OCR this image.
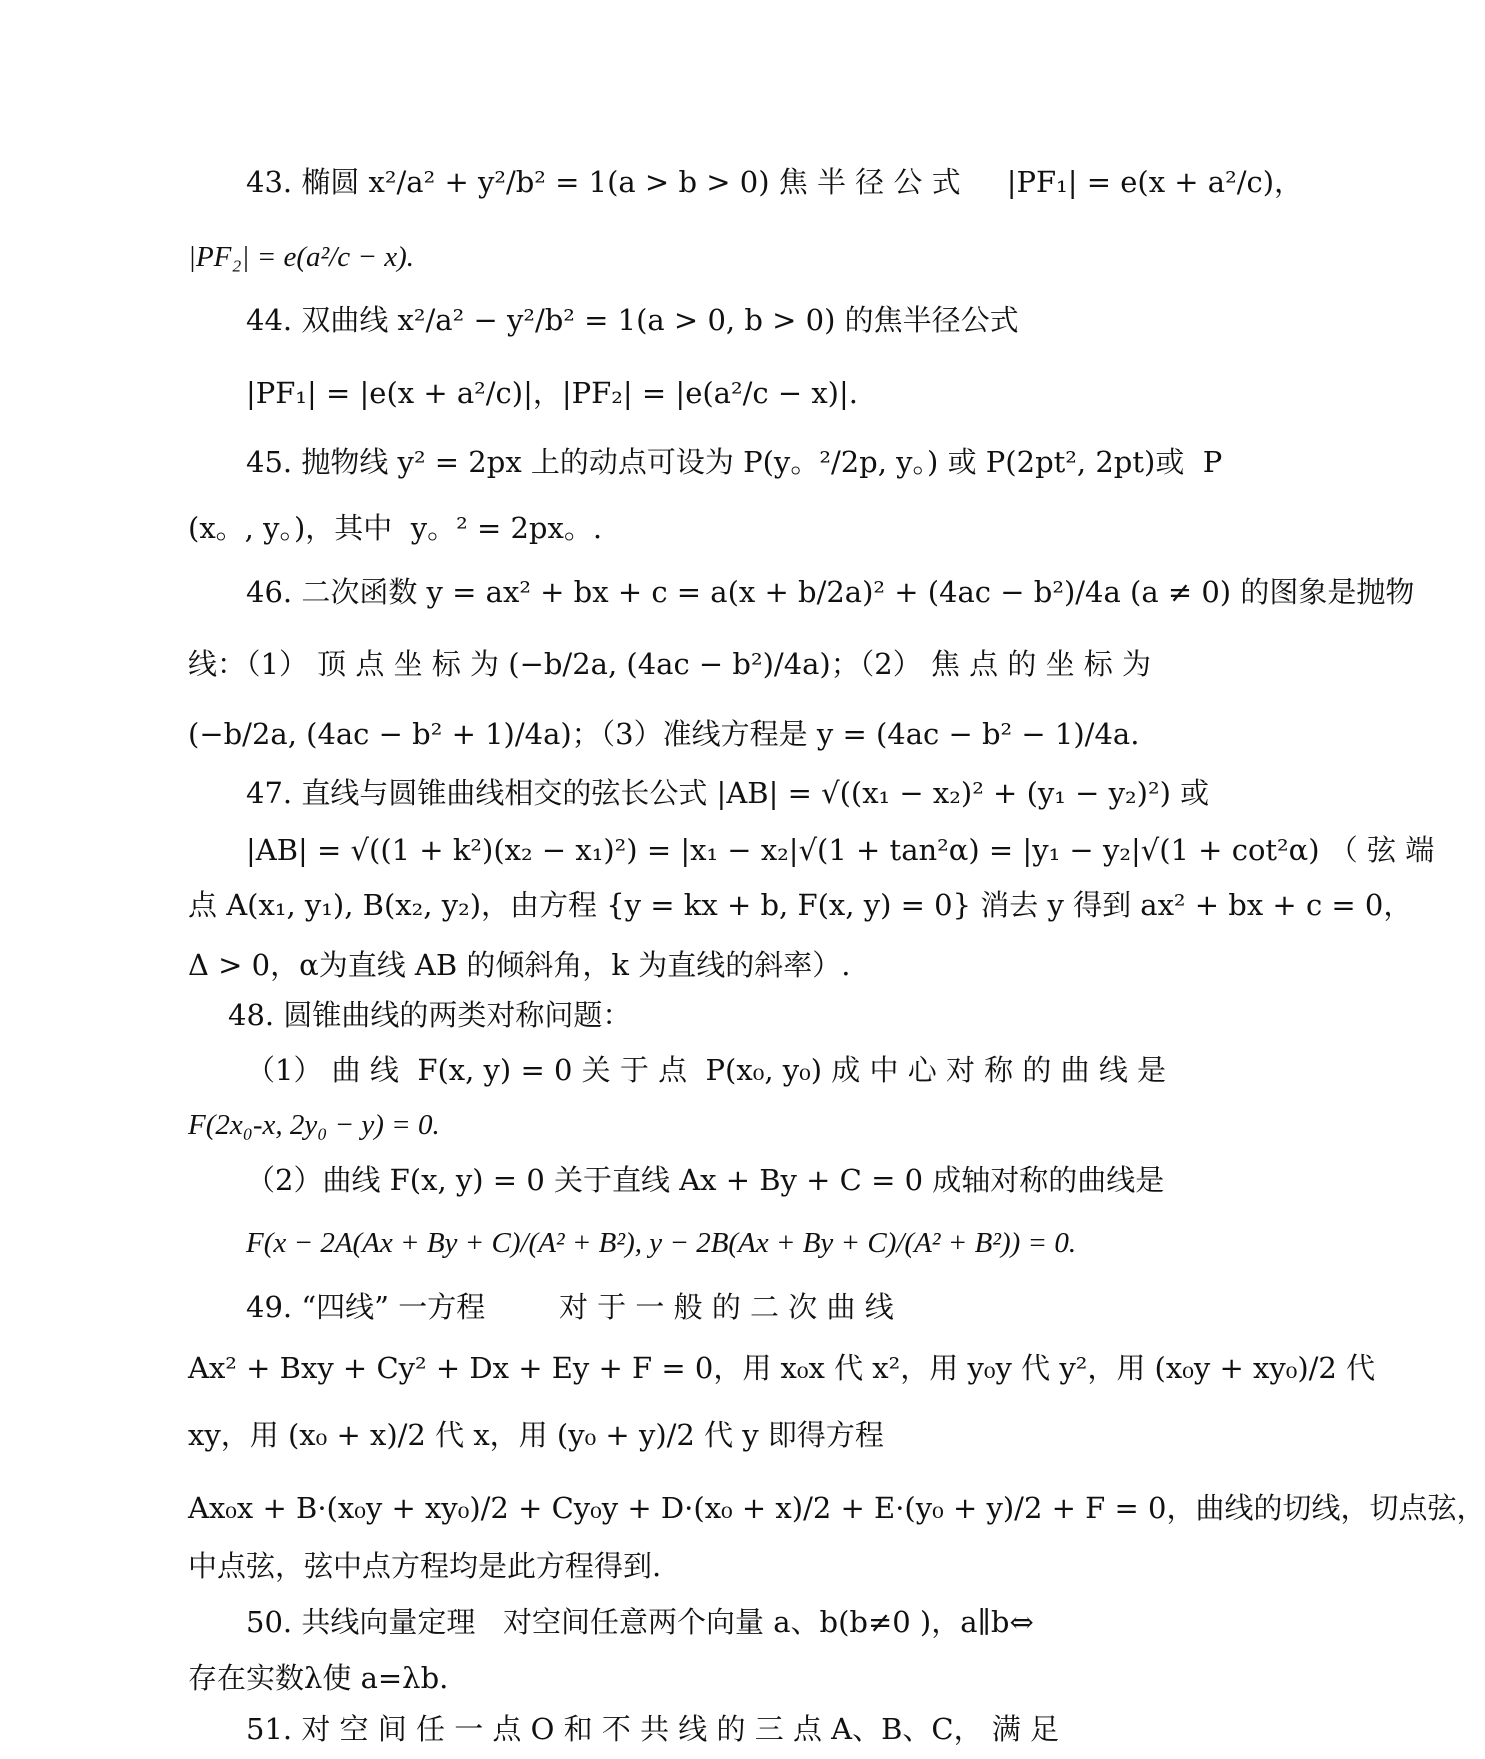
43. 椭圆 x²/a² + y²/b² = 1(a > b > 0) 焦 半 径 公 式     |PF₁| = e(x + a²/c)，
|PF₂| = e(a²/c − x).
44. 双曲线 x²/a² − y²/b² = 1(a > 0, b > 0) 的焦半径公式
|PF₁| = |e(x + a²/c)|，|PF₂| = |e(a²/c − x)|.
45. 抛物线 y² = 2px 上的动点可设为 P(y。²/2p, y。) 或 P(2pt², 2pt)或  P
(x。, y。)，其中  y。² = 2px。.
46. 二次函数 y = ax² + bx + c = a(x + b/2a)² + (4ac − b²)/4a (a ≠ 0) 的图象是抛物
线：（1） 顶 点 坐 标 为 (−b/2a, (4ac − b²)/4a)；（2） 焦 点 的 坐 标 为
(−b/2a, (4ac − b² + 1)/4a)；（3）准线方程是 y = (4ac − b² − 1)/4a.
47. 直线与圆锥曲线相交的弦长公式 |AB| = √((x₁ − x₂)² + (y₁ − y₂)²) 或
|AB| = √((1 + k²)(x₂ − x₁)²) = |x₁ − x₂|√(1 + tan²α) = |y₁ − y₂|√(1 + cot²α) （ 弦 端
点 A(x₁, y₁), B(x₂, y₂)，由方程 {y = kx + b, F(x, y) = 0} 消去 y 得到 ax² + bx + c = 0，
Δ > 0，α为直线 AB 的倾斜角，k 为直线的斜率）.
48. 圆锥曲线的两类对称问题：
（1） 曲 线  F(x, y) = 0 关 于 点  P(x₀, y₀) 成 中 心 对 称 的 曲 线 是
F(2x₀-x, 2y₀ − y) = 0.
（2）曲线 F(x, y) = 0 关于直线 Ax + By + C = 0 成轴对称的曲线是
F(x − 2A(Ax + By + C)/(A² + B²), y − 2B(Ax + By + C)/(A² + B²)) = 0.
49. “四线” 一方程        对 于 一 般 的 二 次 曲 线
Ax² + Bxy + Cy² + Dx + Ey + F = 0，用 x₀x 代 x²，用 y₀y 代 y²，用 (x₀y + xy₀)/2 代
xy，用 (x₀ + x)/2 代 x，用 (y₀ + y)/2 代 y 即得方程
Ax₀x + B·(x₀y + xy₀)/2 + Cy₀y + D·(x₀ + x)/2 + E·(y₀ + y)/2 + F = 0，曲线的切线，切点弦，
中点弦，弦中点方程均是此方程得到.
50. 共线向量定理   对空间任意两个向量 a、b(b≠0 )，a∥b⇔
存在实数λ使 a=λb.
51. 对 空 间 任 一 点 O 和 不 共 线 的 三 点 A、B、C， 满 足
